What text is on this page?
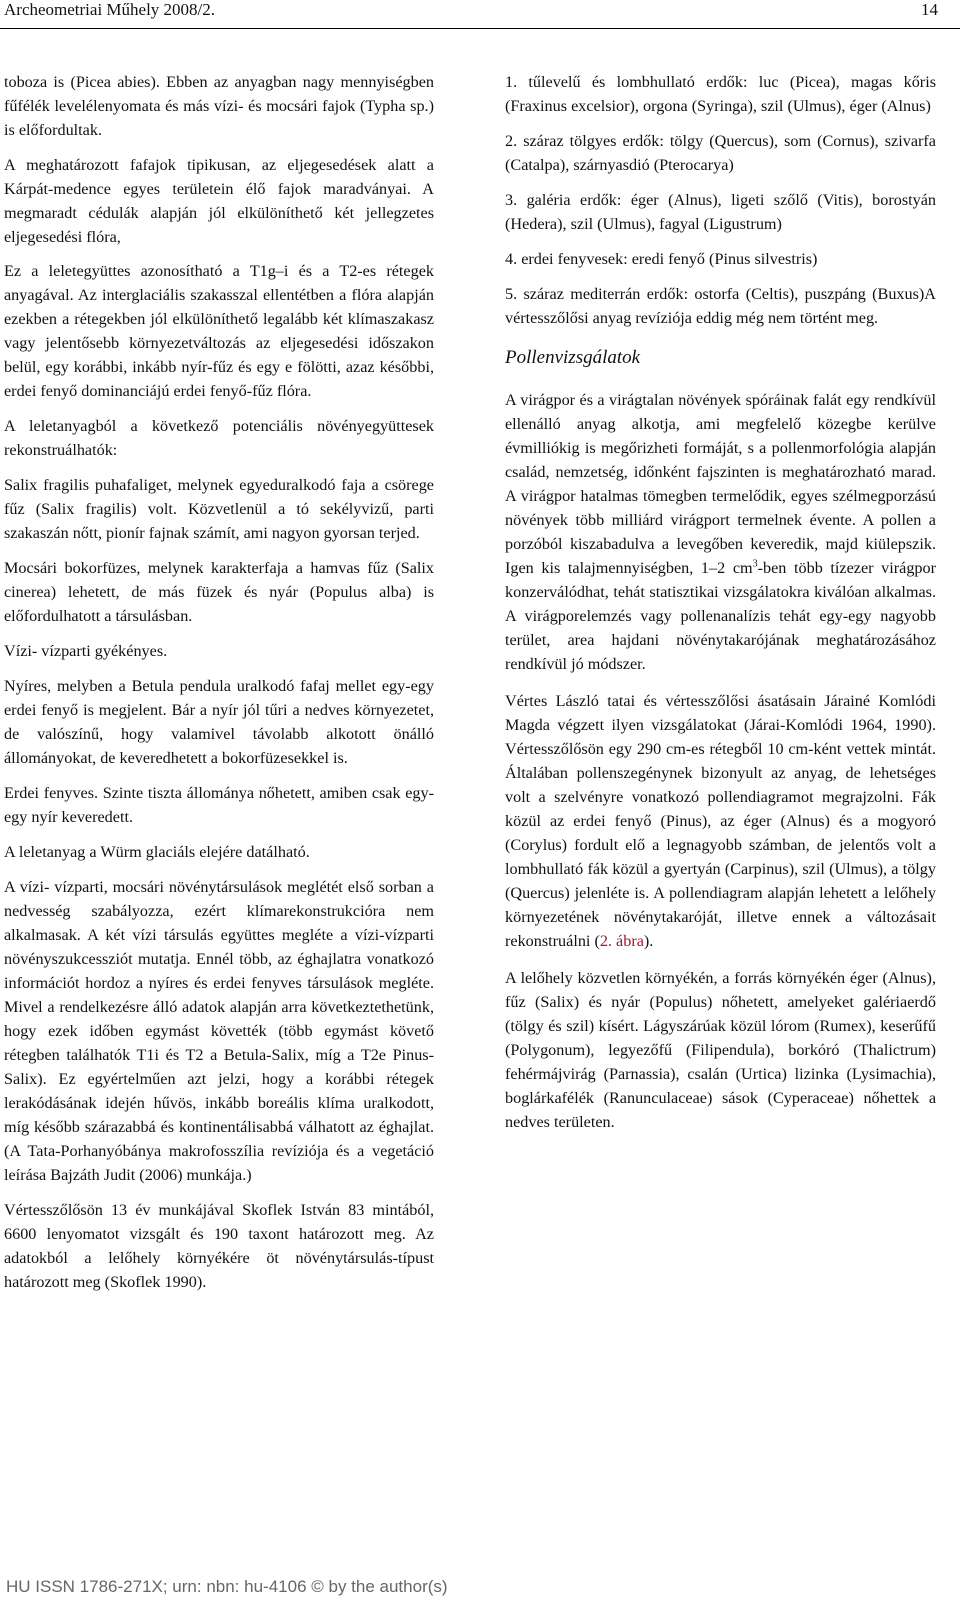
Archeometriai Műhely 2008/2.	14

toboza is (Picea abies). Ebben az anyagban nagy mennyiségben fűfélék levelélenyomata és más vízi- és mocsári fajok (Typha sp.) is előfordultak.

A meghatározott fafajok tipikusan, az eljegesedések alatt a Kárpát-medence egyes területein élő fajok maradványai. A megmaradt cédulák alapján jól elkülöníthető két jellegzetes eljegesedési flóra,

Ez a leletegyüttes azonosítható a T1g–i és a T2-es rétegek anyagával. Az interglaciális szakasszal ellentétben a flóra alapján ezekben a rétegekben jól elkülöníthető legalább két klímaszakasz vagy jelentősebb környezetváltozás az eljegesedési időszakon belül, egy korábbi, inkább nyír-fűz és egy e fölötti, azaz későbbi, erdei fenyő dominanciájú erdei fenyő-fűz flóra.

A leletanyagból a következő potenciális növényegyüttesek rekonstruálhatók:

Salix fragilis puhafaliget, melynek egyeduralkodó faja a csörege fűz (Salix fragilis) volt. Közvetlenül a tó sekélyvizű, parti szakaszán nőtt, pionír fajnak számít, ami nagyon gyorsan terjed.

Mocsári bokorfüzes, melynek karakterfaja a hamvas fűz (Salix cinerea) lehetett, de más füzek és nyár (Populus alba) is előfordulhatott a társulásban.

Vízi- vízparti gyékényes.

Nyíres, melyben a Betula pendula uralkodó fafaj mellet egy-egy erdei fenyő is megjelent. Bár a nyír jól tűri a nedves környezetet, de valószínű, hogy valamivel távolabb alkotott önálló állományokat, de keveredhetett a bokorfüzesekkel is.

Erdei fenyves. Szinte tiszta állománya nőhetett, amiben csak egy-egy nyír keveredett.

A leletanyag a Würm glaciáls elejére datálható.

A vízi- vízparti, mocsári növénytársulások meglétét első sorban a nedvesség szabályozza, ezért klímarekonstrukcióra nem alkalmasak. A két vízi társulás együttes megléte a vízi-vízparti növényszukcessziót mutatja. Ennél több, az éghajlatra vonatkozó információt hordoz a nyíres és erdei fenyves társulások megléte. Mivel a rendelkezésre álló adatok alapján arra következtethetünk, hogy ezek időben egymást követték (több egymást követő rétegben találhatók T1i és T2 a Betula-Salix, míg a T2e Pinus-Salix). Ez egyértelműen azt jelzi, hogy a korábbi rétegek lerakódásának idején hűvös, inkább boreális klíma uralkodott, míg később szárazabbá és kontinentálisabbá válhatott az éghajlat. (A Tata-Porhanyóbánya makrofosszília revíziója és a vegetáció leírása Bajzáth Judit (2006) munkája.)

Vértesszőlősön 13 év munkájával Skoflek István 83 mintából, 6600 lenyomatot vizsgált és 190 taxont határozott meg. Az adatokból a lelőhely környékére öt növénytársulás-típust határozott meg (Skoflek 1990).

1. tűlevelű és lombhullató erdők: luc (Picea), magas kőris (Fraxinus excelsior), orgona (Syringa), szil (Ulmus), éger (Alnus)

2. száraz tölgyes erdők: tölgy (Quercus), som (Cornus), szivarfa (Catalpa), szárnyasdió (Pterocarya)

3. galéria erdők: éger (Alnus), ligeti szőlő (Vitis), borostyán (Hedera), szil (Ulmus), fagyal (Ligustrum)

4. erdei fenyvesek: eredi fenyő (Pinus silvestris)

5. száraz mediterrán erdők: ostorfa (Celtis), puszpáng (Buxus)A vértesszőlősi anyag revíziója eddig még nem történt meg.

Pollenvizsgálatok

A virágpor és a virágtalan növények spóráinak falát egy rendkívül ellenálló anyag alkotja, ami megfelelő közegbe kerülve évmilliókig is megőrizheti formáját, s a pollenmorfológia alapján család, nemzetség, időnként fajszinten is meghatározható marad. A virágpor hatalmas tömegben termelődik, egyes szélmegporzású növények több milliárd virágport termelnek évente. A pollen a porzóból kiszabadulva a levegőben keveredik, majd kiülepszik. Igen kis talajmennyiségben, 1–2 $cm^3$-ben több tízezer virágpor konzerválódhat, tehát statisztikai vizsgálatokra kiválóan alkalmas. A virágporelemzés vagy pollenanalízis tehát egy-egy nagyobb terület, area hajdani növénytakarójának meghatározásához rendkívül jó módszer.

Vértes László tatai és vértesszőlősi ásatásain Járainé Komlódi Magda végzett ilyen vizsgálatokat (Járai-Komlódi 1964, 1990). Vértesszőlősön egy 290 cm-es rétegből 10 cm-ként vettek mintát. Általában pollenszegénynek bizonyult az anyag, de lehetséges volt a szelvényre vonatkozó pollendiagramot megrajzolni. Fák közül az erdei fenyő (Pinus), az éger (Alnus) és a mogyoró (Corylus) fordult elő a legnagyobb számban, de jelentős volt a lombhullató fák közül a gyertyán (Carpinus), szil (Ulmus), a tölgy (Quercus) jelenléte is. A pollendiagram alapján lehetett a lelőhely környezetének növénytakaróját, illetve ennek a változásait rekonstruálni (2. ábra).

A lelőhely közvetlen környékén, a forrás környékén éger (Alnus), fűz (Salix) és nyár (Populus) nőhetett, amelyeket galériaerdő (tölgy és szil) kísért. Lágyszárúak közül lórom (Rumex), keserűfű (Polygonum), legyezőfű (Filipendula), borkóró (Thalictrum) fehérmájvirág (Parnassia), csalán (Urtica) lizinka (Lysimachia), boglárkafélék (Ranunculaceae) sások (Cyperaceae) nőhettek a nedves területen.

HU ISSN 1786-271X; urn: nbn: hu-4106 © by the author(s)
